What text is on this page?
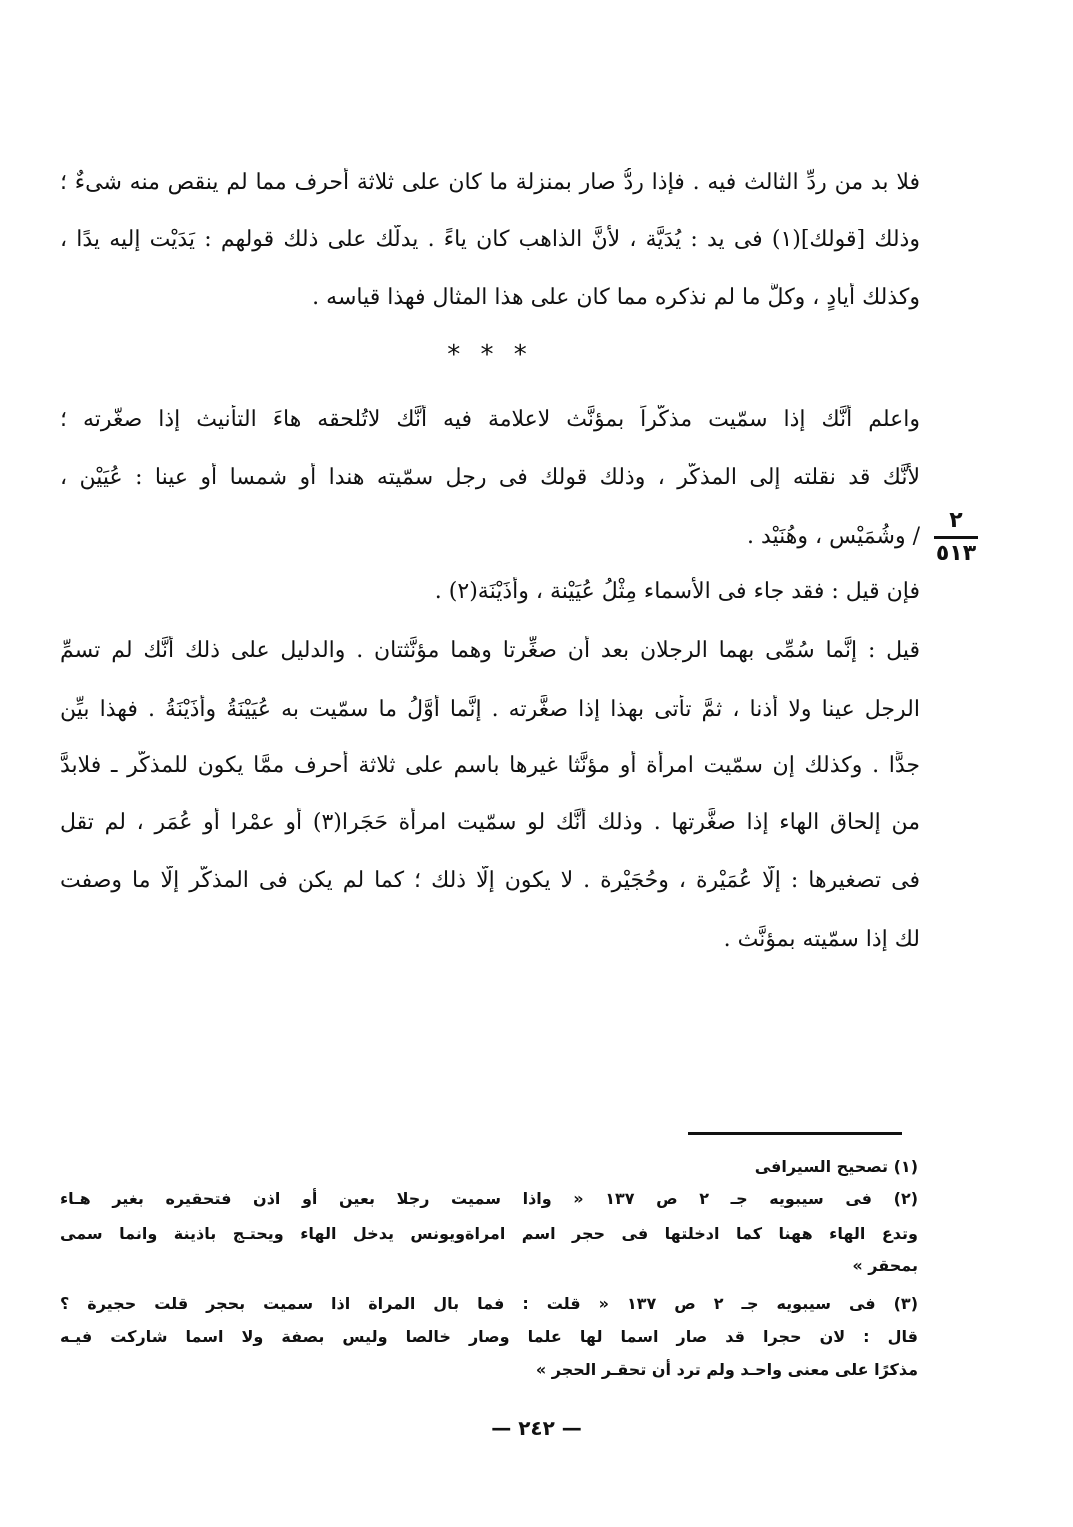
فلا بد من ردِّ الثالث فيه . فإذا ردُّ صار بمنزلة ما كان على ثلاثة أحرف مما لم ينقص منه شىءٌ ؛
وذلك [قولك](١) فى يد : يُدَيَّة ، لأنَّ الذاهب كان ياءً . يدلُّك على ذلك قولهم : يَدَيْت إليه يدًا ،
وكذلك أيادٍ ، وكلُّ ما لم نذكره مما كان على هذا المثال فهذا قياسه .
* * *
واعلم أنَّك إذا سمّيت مذكَّراً بمؤنَّث لاعلامة فيه أنَّك لاتُلحقه هاءَ التأنيث إذا صغّرته ؛
لأنَّك قد نقلته إلى المذكَّر ، وذلك قولك فى رجل سمّيته هندا أو شمسا أو عينا : عُيَيْن ،
/ وشُمَيْس ، وهُنَيْد .
فإن قيل : فقد جاء فى الأسماء مِثْلُ عُيَيْنة ، وأُذَيْنَة(٢) .
قيل : إنَّما سُمِّى بهما الرجلان بعد أن صغِّرتا وهما مؤنَّثتان . والدليل على ذلك أنَّك لم تسمِّ
الرجل عينا ولا أُذنا ، ثمَّ تأتى بهذا إذا صغَّرته . إنَّما أوَّلُ ما سمّيت به عُيَيْنَةُ وأُذَيْنَةُ . فهذا بيِّن
جدًّا . وكذلك إن سمّيت امرأة أو مؤنَّثا غيرها باسم على ثلاثة أحرف ممَّا يكون للمذكَّر ـ فلابدَّ
من إلحاق الهاء إذا صغَّرتها . وذلك أنَّك لو سمّيت امرأة حَجَرا(٣) أو عمْرا أو عُمَر ، لم تقل
فى تصغيرها : إلَّا عُمَيْرة ، وحُجَيْرة . لا يكون إلَّا ذلك ؛ كما لم يكن فى المذكَّر إلَّا ما وصفت
لك إذا سمّيته بمؤنَّث .
٢
٥١٣
(١) تصحيح السيرافى
(٢) فى سيبويه جـ ٢ ص ١٣٧ « واذا سميت رجلا بعين أو اذن فتحقيره بغير هـاء
وتدع الهاء ههنا كما ادخلتها فى حجر اسم امراةويونس يدخل الهاء ويحتـج باذينة وانما سمى
بمحقر »
(٣) فى سيبويه جـ ٢ ص ١٣٧ « قلت : فما بال المراة اذا سميت بحجر قلت حجيرة ؟
قال : لان حجرا قد صار اسما لها علما وصار خالصا وليس بصفة ولا اسما شاركت فيـه
مذكرًا على معنى واحـد ولم ترد أن تحقـر الحجر »
— ٢٤٢ —
